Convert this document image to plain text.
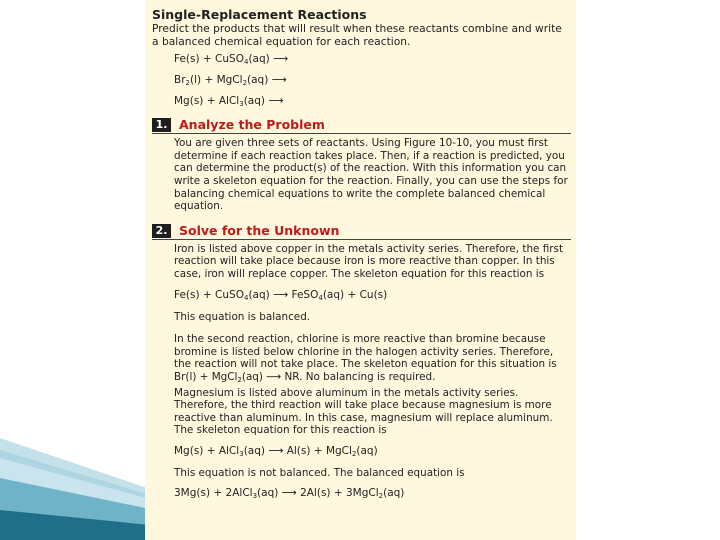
Single-Replacement Reactions
Predict the products that will result when these reactants combine and write a balanced chemical equation for each reaction.
Fe(s) + CuSO$_4$(aq) ⟶
$Br_2(l)$ + MgCl$_2$(aq) ⟶
Mg(s) + AlCl$_3$(aq) ⟶
1. Analyze the Problem
You are given three sets of reactants. Using Figure 10-10, you must first determine if each reaction takes place. Then, if a reaction is predicted, you can determine the product(s) of the reaction. With this information you can write a skeleton equation for the reaction. Finally, you can use the steps for balancing chemical equations to write the complete balanced chemical equation.
2. Solve for the Unknown
Iron is listed above copper in the metals activity series. Therefore, the first reaction will take place because iron is more reactive than copper. In this case, iron will replace copper. The skeleton equation for this reaction is
Fe(s) + CuSO$_4$(aq) ⟶ FeSO$_4$(aq) + Cu(s)
This equation is balanced.
In the second reaction, chlorine is more reactive than bromine because bromine is listed below chlorine in the halogen activity series. Therefore, the reaction will not take place. The skeleton equation for this situation is Br(l) + MgCl$_2$(aq) ⟶ NR. No balancing is required.
Magnesium is listed above aluminum in the metals activity series. Therefore, the third reaction will take place because magnesium is more reactive than aluminum. In this case, magnesium will replace aluminum. The skeleton equation for this reaction is
Mg(s) + AlCl$_3$(aq) ⟶ Al(s) + MgCl$_2$(aq)
This equation is not balanced. The balanced equation is
3Mg(s) + 2AlCl$_3$(aq) ⟶ 2Al(s) + 3MgCl$_2$(aq)
